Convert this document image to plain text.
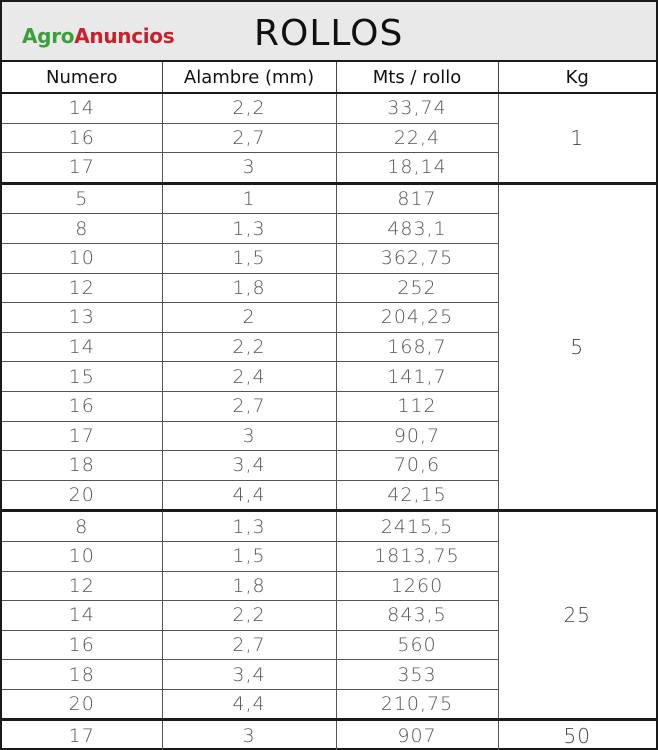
AgroAnuncios ROLLOS
Numero	Alambre (mm)	Mts / rollo	Kg
14	2,2	33,74	1
16	2,7	22,4	
17	3	18,14	
5	1	817	5
8	1,3	483,1	
10	1,5	362,75	
12	1,8	252	
13	2	204,25	
14	2,2	168,7	
15	2,4	141,7	
16	2,7	112	
17	3	90,7	
18	3,4	70,6	
20	4,4	42,15	
8	1,3	2415,5	25
10	1,5	1813,75	
12	1,8	1260	
14	2,2	843,5	
16	2,7	560	
18	3,4	353	
20	4,4	210,75	
17	3	907	50
